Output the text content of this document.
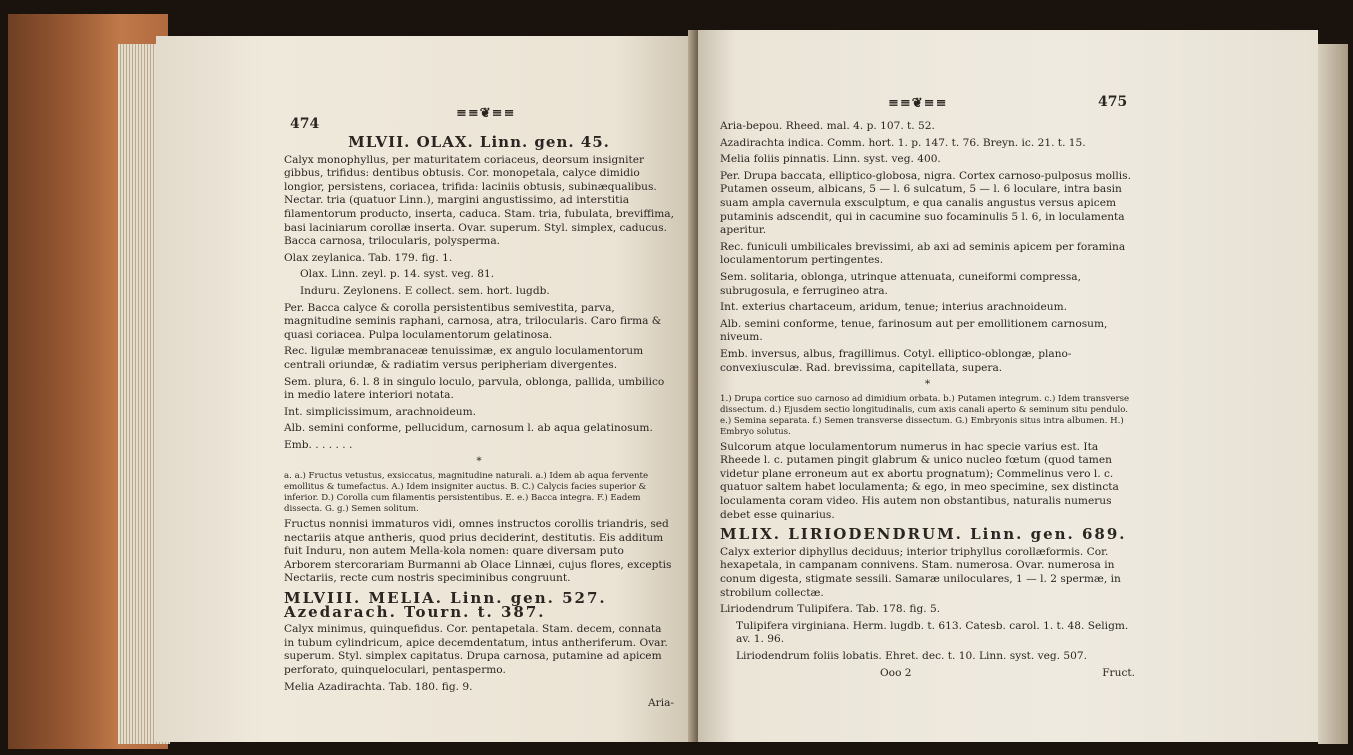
474
≡≡❦≡≡
MLVII. OLAX. Linn. gen. 45.

Calyx monophyllus, per maturitatem coriaceus, deorsum insigniter gibbus, trifidus: dentibus obtusis. Cor. monopetala, calyce dimidio longior, persistens, coriacea, trifida: laciniis obtusis, subinæqualibus. Nectar. tria (quatuor Linn.), margini angustissimo, ad interstitia filamentorum producto, inserta, caduca. Stam. tria, fubulata, breviffima, basi laciniarum corollæ inserta. Ovar. superum. Styl. simplex, caducus. Bacca carnosa, trilocularis, polysperma.

Olax zeylanica. Tab. 179. fig. 1.

Olax. Linn. zeyl. p. 14. syst. veg. 81.

Induru. Zeylonens. E collect. sem. hort. lugdb.

Per. Bacca calyce & corolla persistentibus semivestita, parva, magnitudine seminis raphani, carnosa, atra, trilocularis. Caro firma & quasi coriacea. Pulpa loculamentorum gelatinosa.

Rec. ligulæ membranaceæ tenuissimæ, ex angulo loculamentorum centrali oriundæ, & radiatim versus peripheriam divergentes.

Sem. plura, 6. l. 8 in singulo loculo, parvula, oblonga, pallida, umbilico in medio latere interiori notata.

Int. simplicissimum, arachnoideum.

Alb. semini conforme, pellucidum, carnosum l. ab aqua gelatinosum.

Emb. . . . . . .

*

a. a.) Fructus vetustus, exsiccatus, magnitudine naturali. a.) Idem ab aqua fervente emollitus & tumefactus. A.) Idem insigniter auctus. B. C.) Calycis facies superior & inferior. D.) Corolla cum filamentis persistentibus. E. e.) Bacca integra. F.) Eadem dissecta. G. g.) Semen solitum.

Fructus nonnisi immaturos vidi, omnes instructos corollis triandris, sed nectariis atque antheris, quod prius deciderint, destitutis. Eis additum fuit Induru, non autem Mella-kola nomen: quare diversam puto Arborem stercorariam Burmanni ab Olace Linnæi, cujus flores, exceptis Nectariis, recte cum nostris speciminibus congruunt.

MLVIII. MELIA. Linn. gen. 527. Azedarach. Tourn. t. 387.

Calyx minimus, quinquefidus. Cor. pentapetala. Stam. decem, connata in tubum cylindricum, apice decemdentatum, intus antheriferum. Ovar. superum. Styl. simplex capitatus. Drupa carnosa, putamine ad apicem perforato, quinqueloculari, pentaspermo.

Melia Azadirachta. Tab. 180. fig. 9.

Aria-
≡≡❦≡≡	475

Aria-bepou. Rheed. mal. 4. p. 107. t. 52.

Azadirachta indica. Comm. hort. 1. p. 147. t. 76. Breyn. ic. 21. t. 15.

Melia foliis pinnatis. Linn. syst. veg. 400.

Per. Drupa baccata, elliptico-globosa, nigra. Cortex carnoso-pulposus mollis. Putamen osseum, albicans, 5 — l. 6 sulcatum, 5 — l. 6 loculare, intra basin suam ampla cavernula exsculptum, e qua canalis angustus versus apicem putaminis adscendit, qui in cacumine suo focaminulis 5 l. 6, in loculamenta aperitur.

Rec. funiculi umbilicales brevissimi, ab axi ad seminis apicem per foramina loculamentorum pertingentes.

Sem. solitaria, oblonga, utrinque attenuata, cuneiformi compressa, subrugosula, e ferrugineo atra.

Int. exterius chartaceum, aridum, tenue; interius arachnoideum.

Alb. semini conforme, tenue, farinosum aut per emollitionem carnosum, niveum.

Emb. inversus, albus, fragillimus. Cotyl. elliptico-oblongæ, plano-convexiusculæ. Rad. brevissima, capitellata, supera.

*

1.) Drupa cortice suo carnoso ad dimidium orbata. b.) Putamen integrum. c.) Idem transverse dissectum. d.) Ejusdem sectio longitudinalis, cum axis canali aperto & seminum situ pendulo. e.) Semina separata. f.) Semen transverse dissectum. G.) Embryonis situs intra albumen. H.) Embryo solutus.

Sulcorum atque loculamentorum numerus in hac specie varius est. Ita Rheede l. c. putamen pingit glabrum & unico nucleo fœtum (quod tamen videtur plane erroneum aut ex abortu prognatum); Commelinus vero l. c. quatuor saltem habet loculamenta; & ego, in meo specimine, sex distincta loculamenta coram video. His autem non obstantibus, naturalis numerus debet esse quinarius.

MLIX. LIRIODENDRUM. Linn. gen. 689.

Calyx exterior diphyllus deciduus; interior triphyllus corollæformis. Cor. hexapetala, in campanam connivens. Stam. numerosa. Ovar. numerosa in conum digesta, stigmate sessili. Samaræ uniloculares, 1 — l. 2 spermæ, in strobilum collectæ.

Liriodendrum Tulipifera. Tab. 178. fig. 5.

Tulipifera virginiana. Herm. lugdb. t. 613. Catesb. carol. 1. t. 48. Seligm. av. 1. 96.

Liriodendrum foliis lobatis. Ehret. dec. t. 10. Linn. syst. veg. 507.

Ooo 2	Fruct.
